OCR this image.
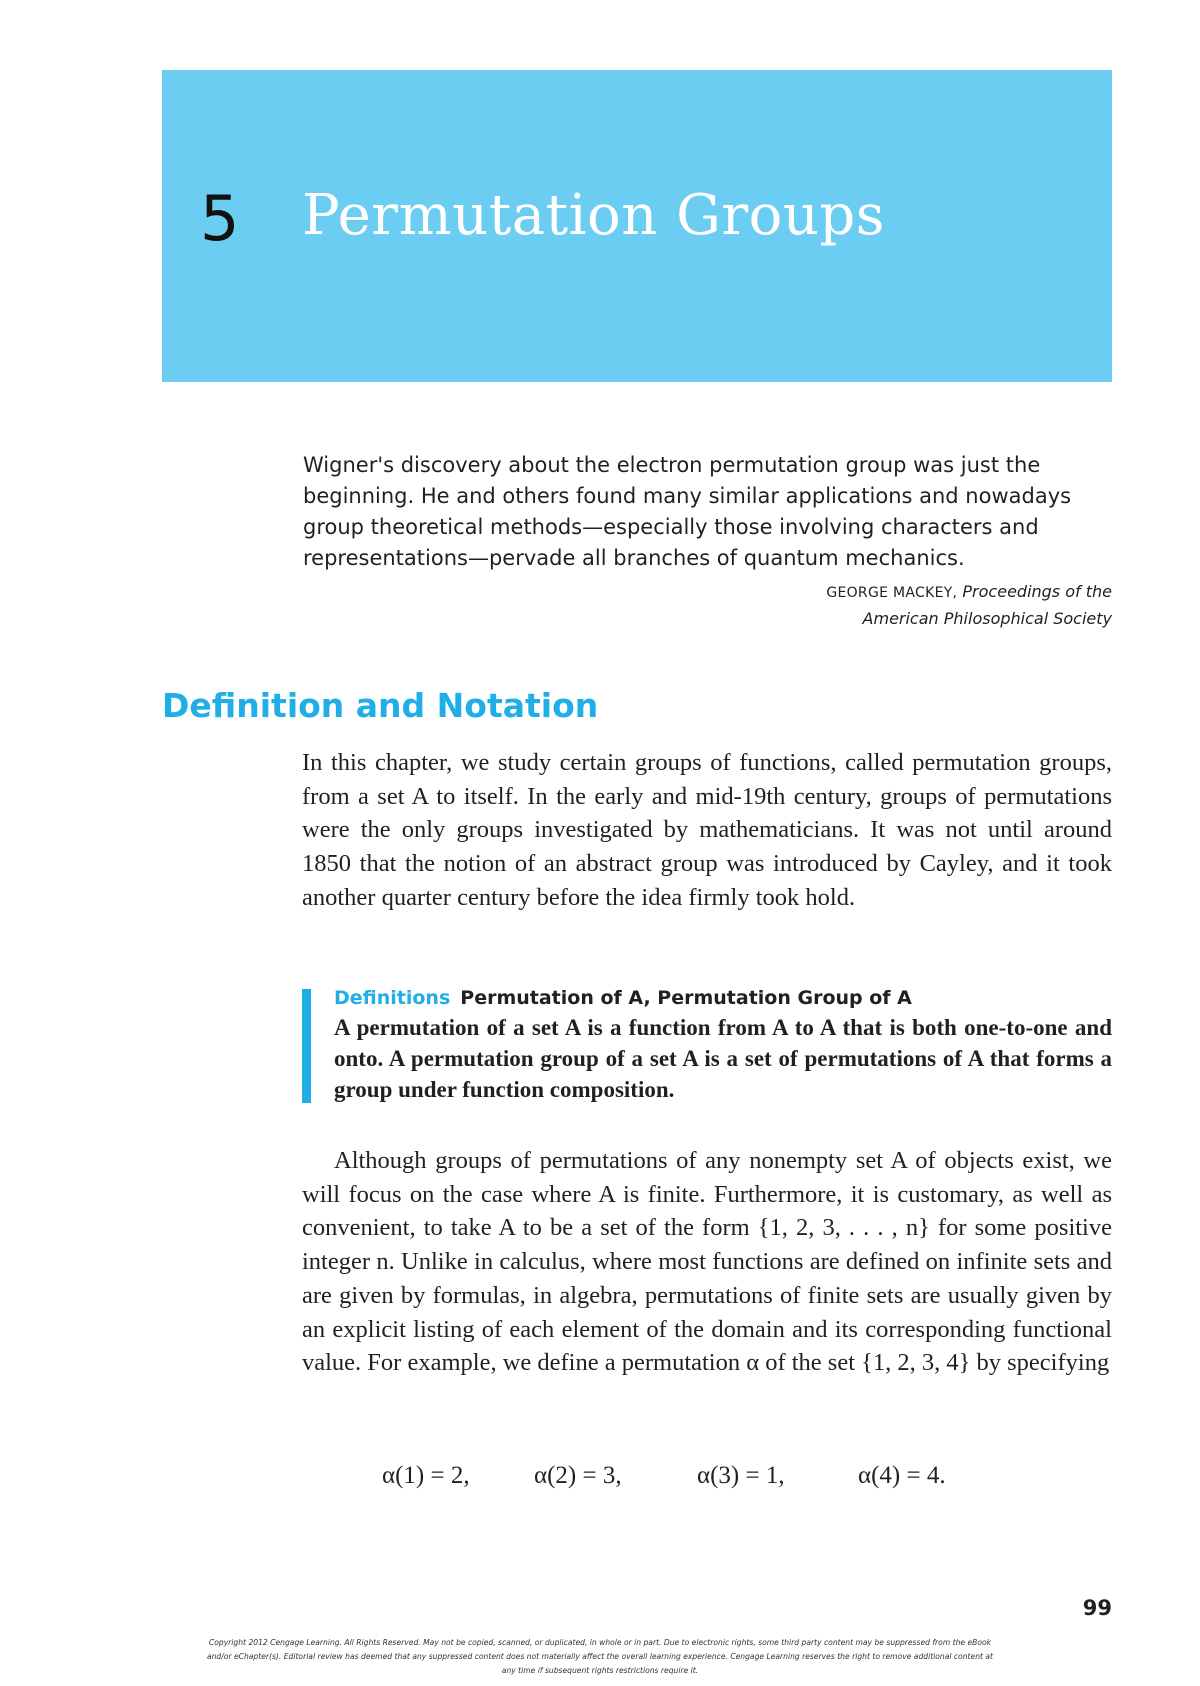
5 Permutation Groups
Wigner's discovery about the electron permutation group was just the beginning. He and others found many similar applications and nowadays group theoretical methods—especially those involving characters and representations—pervade all branches of quantum mechanics.
GEORGE MACKEY, Proceedings of the
American Philosophical Society
Definition and Notation

In this chapter, we study certain groups of functions, called permutation groups, from a set A to itself. In the early and mid-19th century, groups of permutations were the only groups investigated by mathematicians. It was not until around 1850 that the notion of an abstract group was introduced by Cayley, and it took another quarter century before the idea firmly took hold.

Definitions Permutation of A, Permutation Group of A
A permutation of a set A is a function from A to A that is both one-to-one and onto. A permutation group of a set A is a set of permutations of A that forms a group under function composition.

Although groups of permutations of any nonempty set A of objects exist, we will focus on the case where A is finite. Furthermore, it is customary, as well as convenient, to take A to be a set of the form {1, 2, 3, . . . , n} for some positive integer n. Unlike in calculus, where most functions are defined on infinite sets and are given by formulas, in algebra, permutations of finite sets are usually given by an explicit listing of each element of the domain and its corresponding functional value. For example, we define a permutation α of the set {1, 2, 3, 4} by specifying

α(1) = 2,	α(2) = 3,	α(3) = 1,	α(4) = 4.
99
Copyright 2012 Cengage Learning. All Rights Reserved. May not be copied, scanned, or duplicated, in whole or in part. Due to electronic rights, some third party content may be suppressed from the eBook and/or eChapter(s). Editorial review has deemed that any suppressed content does not materially affect the overall learning experience. Cengage Learning reserves the right to remove additional content at any time if subsequent rights restrictions require it.
